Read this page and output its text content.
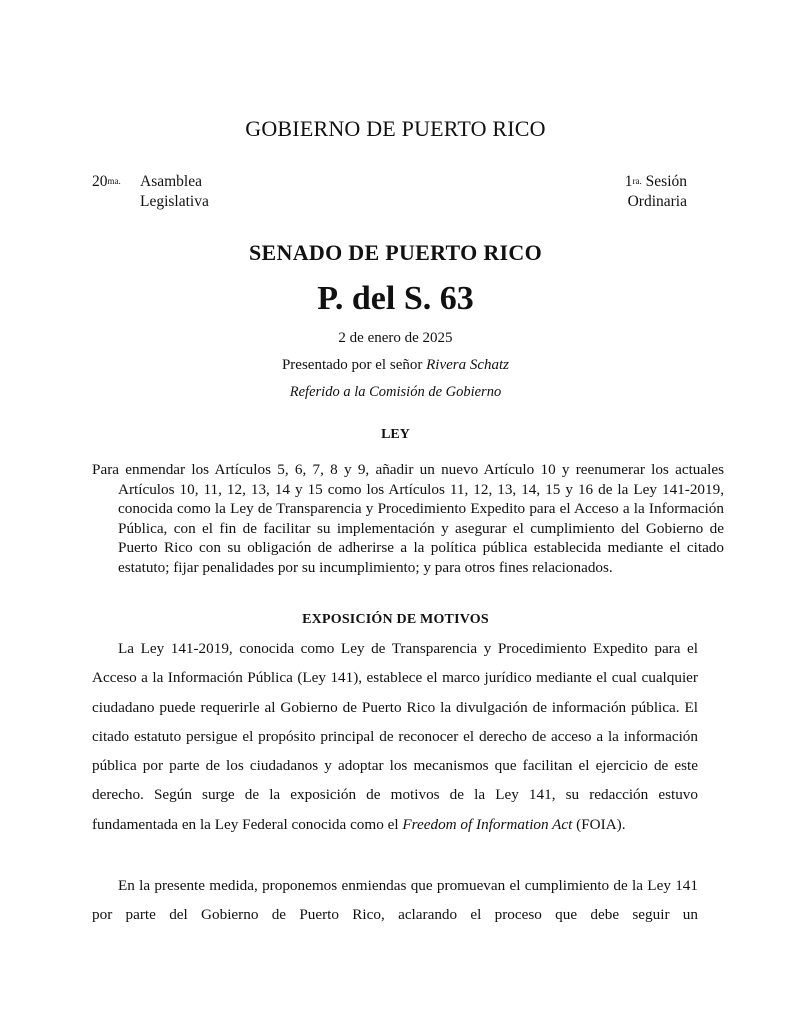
GOBIERNO DE PUERTO RICO
$20^{ma.}$ Asamblea
Legislativa
$1^{ra.}$ Sesión
Ordinaria
SENADO DE PUERTO RICO
P. del S. 63
2 de enero de 2025
Presentado por el señor Rivera Schatz
Referido a la Comisión de Gobierno
LEY
Para enmendar los Artículos 5, 6, 7, 8 y 9, añadir un nuevo Artículo 10 y reenumerar los actuales Artículos 10, 11, 12, 13, 14 y 15 como los Artículos 11, 12, 13, 14, 15 y 16 de la Ley 141-2019, conocida como la Ley de Transparencia y Procedimiento Expedito para el Acceso a la Información Pública, con el fin de facilitar su implementación y asegurar el cumplimiento del Gobierno de Puerto Rico con su obligación de adherirse a la política pública establecida mediante el citado estatuto; fijar penalidades por su incumplimiento; y para otros fines relacionados.
EXPOSICIÓN DE MOTIVOS
La Ley 141-2019, conocida como Ley de Transparencia y Procedimiento Expedito para el Acceso a la Información Pública (Ley 141), establece el marco jurídico mediante el cual cualquier ciudadano puede requerirle al Gobierno de Puerto Rico la divulgación de información pública. El citado estatuto persigue el propósito principal de reconocer el derecho de acceso a la información pública por parte de los ciudadanos y adoptar los mecanismos que facilitan el ejercicio de este derecho. Según surge de la exposición de motivos de la Ley 141, su redacción estuvo fundamentada en la Ley Federal conocida como el Freedom of Information Act (FOIA).
En la presente medida, proponemos enmiendas que promuevan el cumplimiento de la Ley 141 por parte del Gobierno de Puerto Rico, aclarando el proceso que debe seguir un
